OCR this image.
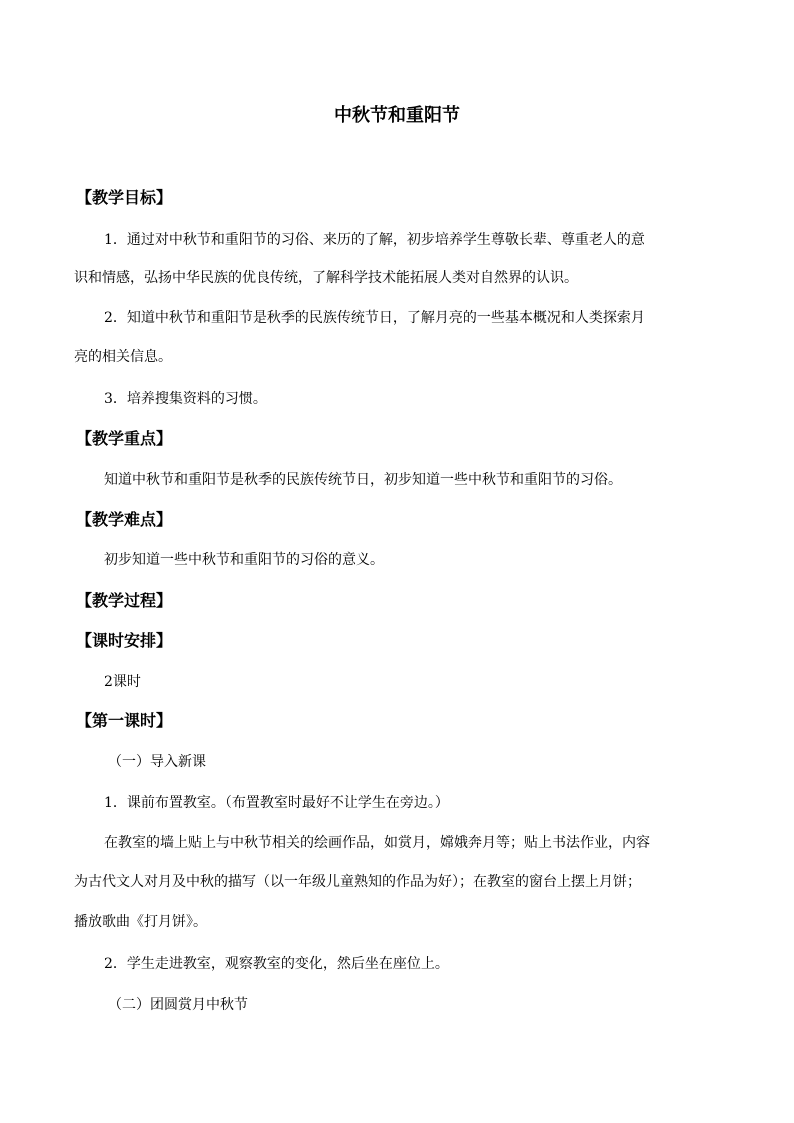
中秋节和重阳节
【教学目标】
1．通过对中秋节和重阳节的习俗、来历的了解，初步培养学生尊敬长辈、尊重老人的意
识和情感，弘扬中华民族的优良传统，了解科学技术能拓展人类对自然界的认识。
2．知道中秋节和重阳节是秋季的民族传统节日，了解月亮的一些基本概况和人类探索月
亮的相关信息。
3．培养搜集资料的习惯。
【教学重点】
知道中秋节和重阳节是秋季的民族传统节日，初步知道一些中秋节和重阳节的习俗。
【教学难点】
初步知道一些中秋节和重阳节的习俗的意义。
【教学过程】
【课时安排】
2课时
【第一课时】
（一）导入新课
1．课前布置教室。（布置教室时最好不让学生在旁边。）
在教室的墙上贴上与中秋节相关的绘画作品，如赏月，嫦娥奔月等；贴上书法作业，内容
为古代文人对月及中秋的描写（以一年级儿童熟知的作品为好）；在教室的窗台上摆上月饼；
播放歌曲《打月饼》。
2．学生走进教室，观察教室的变化，然后坐在座位上。
（二）团圆赏月中秋节
